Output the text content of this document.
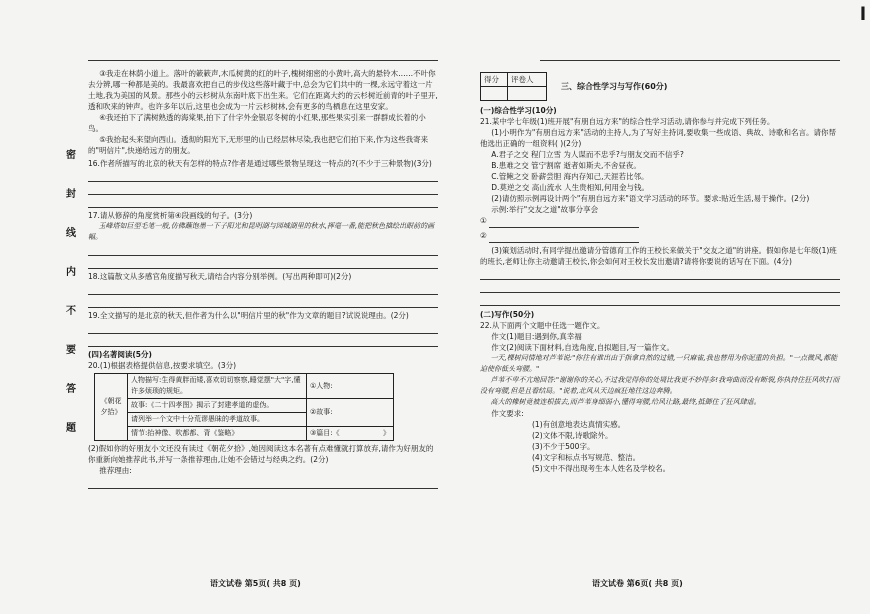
l
密
封
线
内
不
要
答
题

③我走在林荫小道上。落叶的簌簌声,木瓜树黄的红的叶子,槐树细密的小黄叶,高大的悬铃木……不叶你去分辨,哪一种都是美的。我最喜欢把自己的步伐这些落叶藏于中,总会为它们共中的一棵,永远守着这一片土地,我为美国的风景。那些小的云杉树从东南叶底下出生来。它们在距离大约的云杉树近前青的叶子里开,透和吹来的钟声。也许多年以后,这里也会成为一片云杉树林,会有更多的鸟栖息在这里安家。

④我还拍下了满树熟透的海棠果,拍下了什字外金银忍冬树的小红果,那些果实引来一群群成长着的小鸟。

⑤我抬起头来望向西山。透彻的阳光下,无形里的山已经层林尽染,我也把它们拍下来,作为这些我寄来的"明信片",快递给远方的朋友。

16.作者所描写的北京的秋天有怎样的特点?作者是通过哪些景物呈现这一特点的?(不少于三种景物)(3分)

17.请从修辞的角度赏析第④段画线的句子。(3分)

玉峰塔如巨型毛笔一般,仿佛蘸饱墨一下子阳光和昆明湖与园城湖里的秋水,挥毫一番,能把秋色描绘出眼前的画幅。

18.这篇散文从多感官角度描写秋天,请结合内容分别举例。(写出两种即可)(2分)

19.全文描写的是北京的秋天,但作者为什么以"明信片里的秋"作为文章的题目?试说说理由。(2分)

(四)名著阅读(5分)

20.(1)根据表格提供信息,按要求填空。(3分)

《朝花夕拾》	人物描写:生得黄胖而矮,喜欢切切察察,睡觉摆"大"字,懂许多烦琐的规矩。	①人物:
	故事:《二十四孝图》揭示了封建孝道的虚伪。	②故事:
	请列举一个文中十分荒谬愚昧的孝道故事。	
	情节:抬神像、吹都都、背《鉴略》	③篇目:《 》

(2)假如你的好朋友小文还没有读过《朝花夕拾》,她因阅读这本名著有点难懂就打算放弃,请作为好朋友的你重新向她推荐此书,并写一条推荐理由,让她不会错过与经典之约。(2分)

推荐理由:

语文试卷 第5页( 共8 页)
得分	评卷人

三、综合性学习与写作(60分)

(一)综合性学习(10分)

21.某中学七年级(1)班开展"有朋自远方来"的综合性学习活动,请你参与并完成下列任务。

(1)小明作为"有朋自远方来"活动的主持人,为了写好主持词,要收集一些成语、典故、诗歌和名言。请你帮他选出正确的一组资料( )(2分)

A.君子之交 程门立雪 为人谋而不忠乎?与朋友交而不信乎?

B.患难之交 管宁割席 逝者如斯夫,不舍昼夜。

C.管鲍之交 卧薪尝胆 海内存知己,天涯若比邻。

D.莫逆之交 高山流水 人生贵相知,何用金与钱。

(2)请仿照示例再设计两个"有朋自远方来"语文学习活动的环节。要求:贴近生活,易于操作。(2分)

示例:举行"交友之道"故事分享会

①
②

(3)策划活动时,有同学提出邀请分管德育工作的王校长来做关于"交友之道"的讲座。假如你是七年级(1)班的班长,老师让你主动邀请王校长,你会如何对王校长发出邀请?请将你要说的话写在下面。(4分)

(二)写作(50分)

22.从下面两个文题中任选一题作文。

作文(1)题目:遇到你,真幸福

作文(2)阅读下面材料,自选角度,自拟题目,写一篇作文。

一天,棵树问情地对芦苇说:"你往有谁出由于指拿自然的过错,一只麻雀,我也替用为你泥重的负担。"一点微风,都能迫使你低头弯腰。"

芦苇不卑不亢地回答:"谢谢你的关心,不过我觉得你的处境比我更不妙得多!我弯曲而没有断裂,你执持住狂风吹打而没有弯腰,但是且看结局。"说着,北风从天边疯狂地往这边奔腾。

高大的橡树竟被连根拔去,而芦苇身细弱小,懂得弯腰,给风让路,最终,抵御住了狂风肆虐。

作文要求:

(1)有创意地表达真情实感。

(2)文体不限,诗歌除外。

(3)不少于500字。

(4)文字和标点书写规范、整洁。

(5)文中不得出现考生本人姓名及学校名。

语文试卷 第6页( 共8 页)
